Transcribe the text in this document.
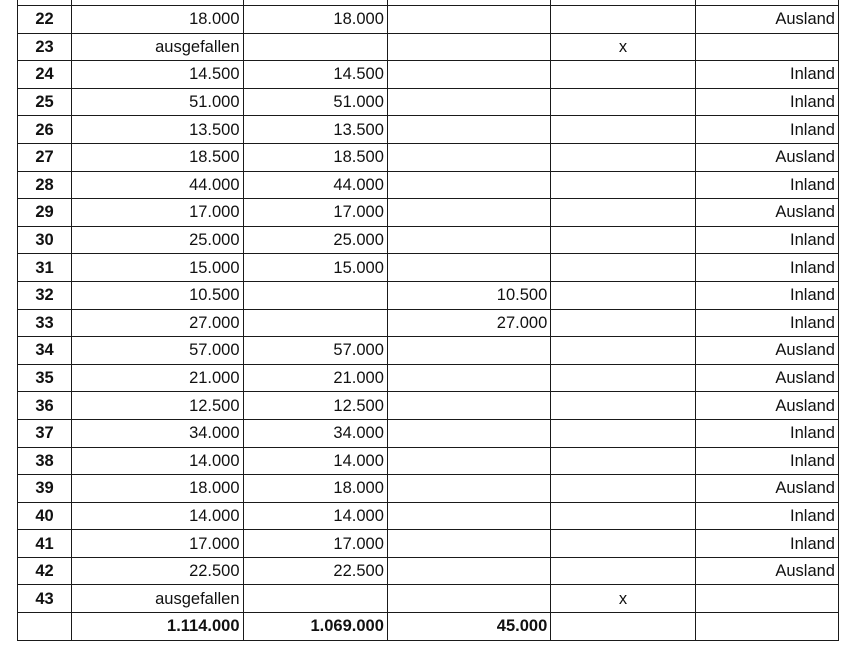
22	18.000	18.000			Ausland
23	ausgefallen			x	
24	14.500	14.500			Inland
25	51.000	51.000			Inland
26	13.500	13.500			Inland
27	18.500	18.500			Ausland
28	44.000	44.000			Inland
29	17.000	17.000			Ausland
30	25.000	25.000			Inland
31	15.000	15.000			Inland
32	10.500		10.500		Inland
33	27.000		27.000		Inland
34	57.000	57.000			Ausland
35	21.000	21.000			Ausland
36	12.500	12.500			Ausland
37	34.000	34.000			Inland
38	14.000	14.000			Inland
39	18.000	18.000			Ausland
40	14.000	14.000			Inland
41	17.000	17.000			Inland
42	22.500	22.500			Ausland
43	ausgefallen			x	
	1.114.000	1.069.000	45.000		
